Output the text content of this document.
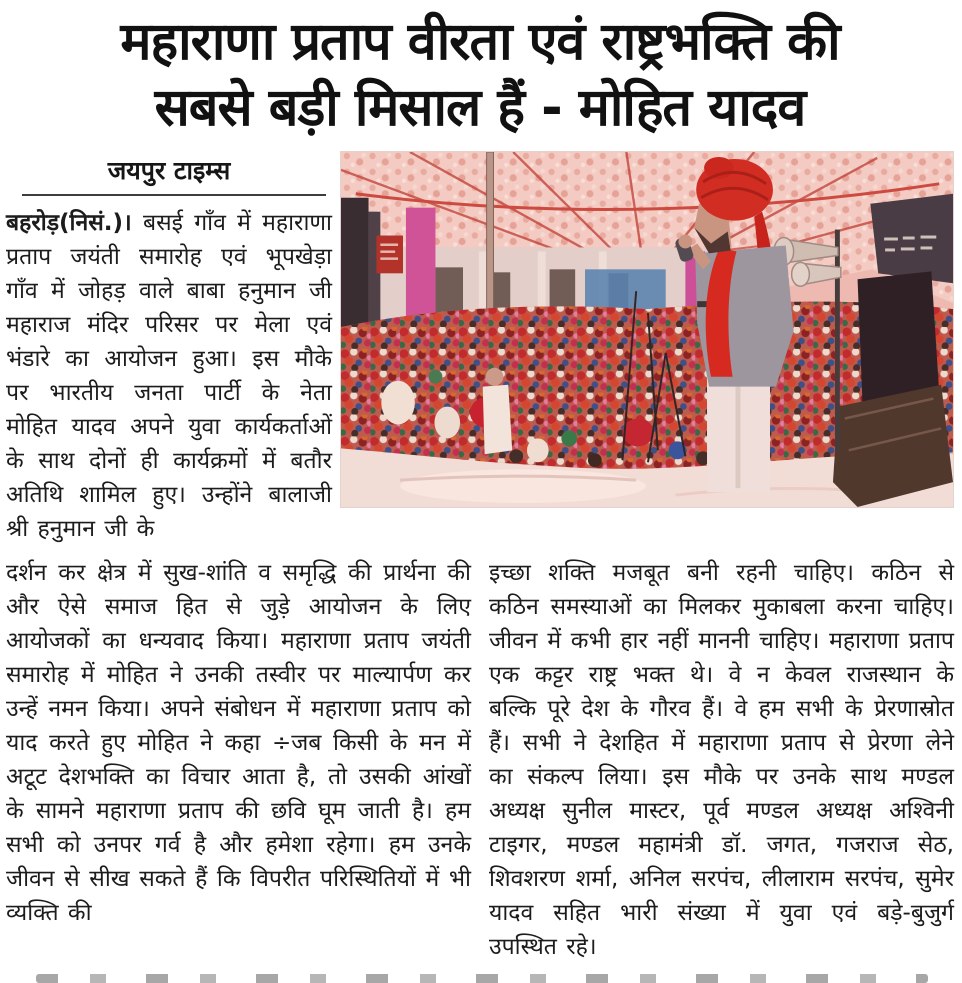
महाराणा प्रताप वीरता एवं राष्ट्रभक्ति की
सबसे बड़ी मिसाल हैं - मोहित यादव
जयपुर टाइम्स

बहरोड़(निसं.)। बसई गाँव में महाराणा प्रताप जयंती समारोह एवं भूपखेड़ा गाँव में जोहड़ वाले बाबा हनुमान जी महाराज मंदिर परिसर पर मेला एवं भंडारे का आयोजन हुआ। इस मौके पर भारतीय जनता पार्टी के नेता मोहित यादव अपने युवा कार्यकर्ताओं के साथ दोनों ही कार्यक्रमों में बतौर अतिथि शामिल हुए। उन्होंने बालाजी श्री हनुमान जी के

दर्शन कर क्षेत्र में सुख-शांति व समृद्धि की प्रार्थना की और ऐसे समाज हित से जुड़े आयोजन के लिए आयोजकों का धन्यवाद किया। महाराणा प्रताप जयंती समारोह में मोहित ने उनकी तस्वीर पर माल्यार्पण कर उन्हें नमन किया। अपने संबोधन में महाराणा प्रताप को याद करते हुए मोहित ने कहा ÷जब किसी के मन में अटूट देशभक्ति का विचार आता है, तो उसकी आंखों के सामने महाराणा प्रताप की छवि घूम जाती है। हम सभी को उनपर गर्व है और हमेशा रहेगा। हम उनके जीवन से सीख सकते हैं कि विपरीत परिस्थितियों में भी व्यक्ति की

इच्छा शक्ति मजबूत बनी रहनी चाहिए। कठिन से कठिन समस्याओं का मिलकर मुकाबला करना चाहिए। जीवन में कभी हार नहीं माननी चाहिए। महाराणा प्रताप एक कट्टर राष्ट्र भक्त थे। वे न केवल राजस्थान के बल्कि पूरे देश के गौरव हैं। वे हम सभी के प्रेरणास्रोत हैं। सभी ने देशहित में महाराणा प्रताप से प्रेरणा लेने का संकल्प लिया। इस मौके पर उनके साथ मण्डल अध्यक्ष सुनील मास्टर, पूर्व मण्डल अध्यक्ष अश्विनी टाइगर, मण्डल महामंत्री डॉ. जगत, गजराज सेठ, शिवशरण शर्मा, अनिल सरपंच, लीलाराम सरपंच, सुमेर यादव सहित भारी संख्या में युवा एवं बड़े-बुजुर्ग उपस्थित रहे।
